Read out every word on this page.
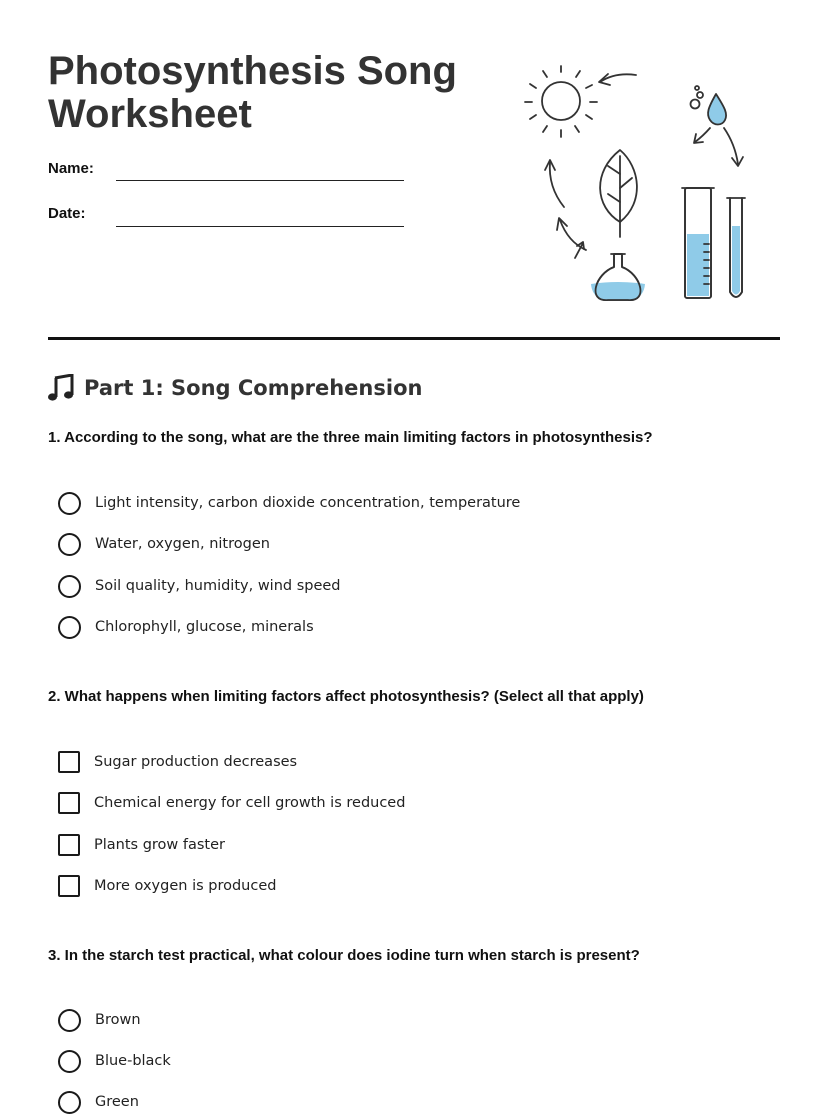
Photosynthesis Song
Worksheet
Name:
Date:
Part 1: Song Comprehension

1. According to the song, what are the three main limiting factors in photosynthesis?

Light intensity, carbon dioxide concentration, temperature
Water, oxygen, nitrogen
Soil quality, humidity, wind speed
Chlorophyll, glucose, minerals

2. What happens when limiting factors affect photosynthesis? (Select all that apply)

Sugar production decreases
Chemical energy for cell growth is reduced
Plants grow faster
More oxygen is produced

3. In the starch test practical, what colour does iodine turn when starch is present?

Brown
Blue-black
Green
